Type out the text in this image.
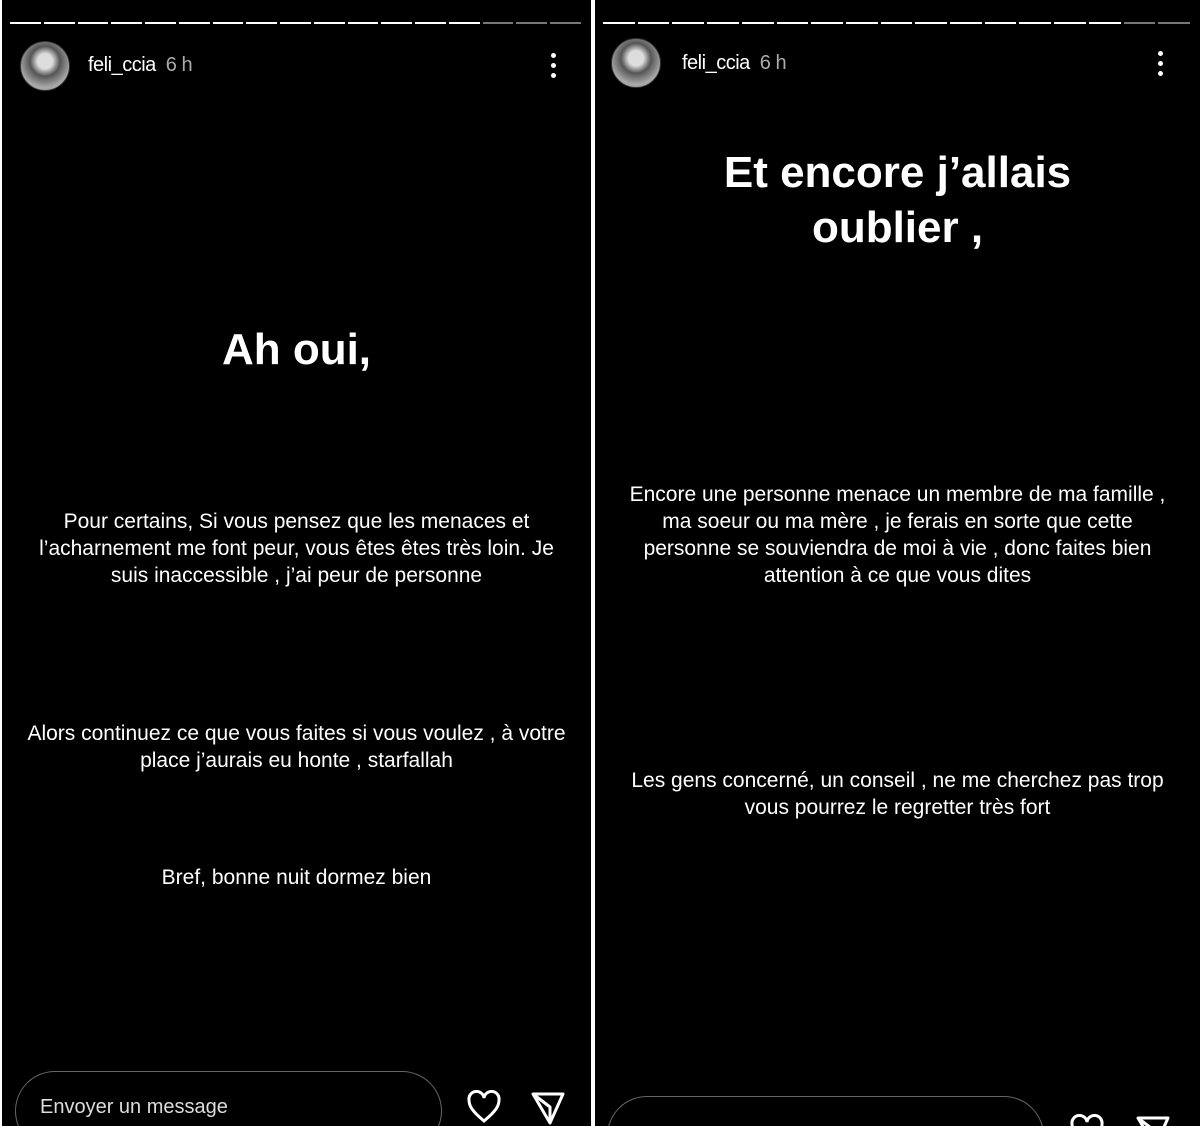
feli_ccia 6 h
Ah oui,
Pour certains, Si vous pensez que les menaces et l’acharnement me font peur, vous êtes êtes très loin. Je suis inaccessible , j’ai peur de personne
Alors continuez ce que vous faites si vous voulez , à votre place j’aurais eu honte , starfallah
Bref, bonne nuit dormez bien
Envoyer un message
feli_ccia 6 h
Et encore j’allais oublier ,
Encore une personne menace un membre de ma famille , ma soeur ou ma mère , je ferais en sorte que cette personne se souviendra de moi à vie , donc faites bien attention à ce que vous dites
Les gens concerné, un conseil , ne me cherchez pas trop vous pourrez le regretter très fort
